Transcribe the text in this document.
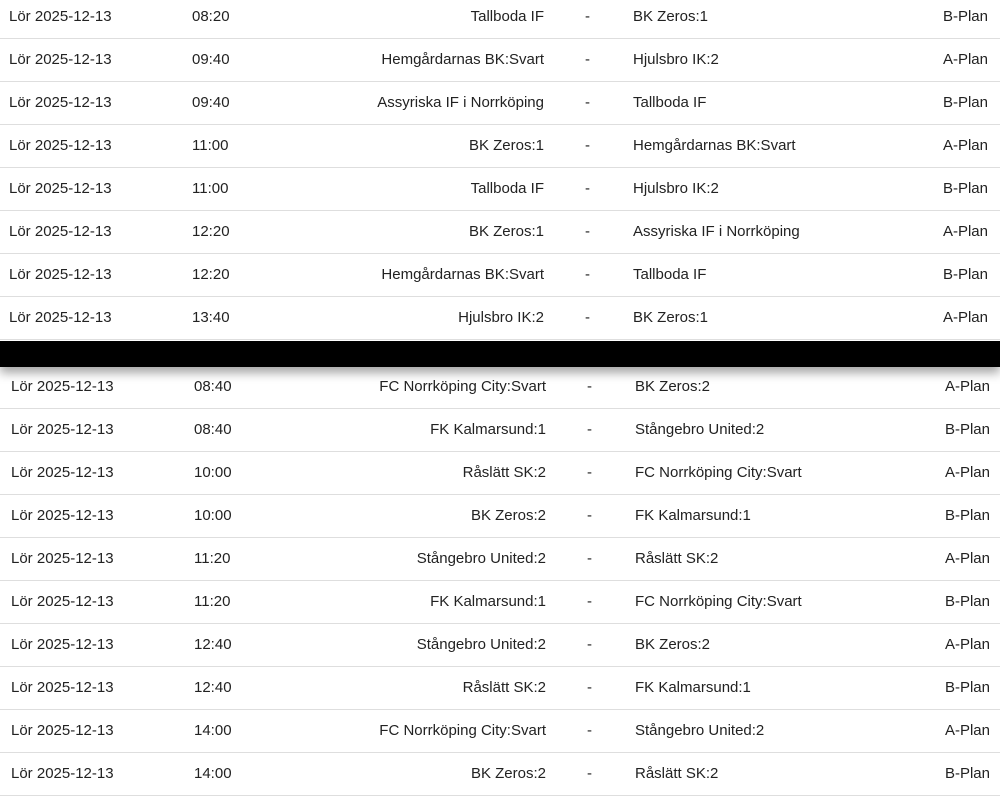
Lör 2025-12-13	08:40	FC Norrköping City:Svart	-	BK Zeros:2	A-Plan
Lör 2025-12-13	08:40	FK Kalmarsund:1	-	Stångebro United:2	B-Plan
Lör 2025-12-13	10:00	Råslätt SK:2	-	FC Norrköping City:Svart	A-Plan
Lör 2025-12-13	10:00	BK Zeros:2	-	FK Kalmarsund:1	B-Plan
Lör 2025-12-13	11:20	Stångebro United:2	-	Råslätt SK:2	A-Plan
Lör 2025-12-13	11:20	FK Kalmarsund:1	-	FC Norrköping City:Svart	B-Plan
Lör 2025-12-13	12:40	Stångebro United:2	-	BK Zeros:2	A-Plan
Lör 2025-12-13	12:40	Råslätt SK:2	-	FK Kalmarsund:1	B-Plan
Lör 2025-12-13	14:00	FC Norrköping City:Svart	-	Stångebro United:2	A-Plan
Lör 2025-12-13	14:00	BK Zeros:2	-	Råslätt SK:2	B-Plan
Lör 2025-12-13	08:20	Tallboda IF	-	BK Zeros:1	B-Plan
Lör 2025-12-13	09:40	Hemgårdarnas BK:Svart	-	Hjulsbro IK:2	A-Plan
Lör 2025-12-13	09:40	Assyriska IF i Norrköping	-	Tallboda IF	B-Plan
Lör 2025-12-13	11:00	BK Zeros:1	-	Hemgårdarnas BK:Svart	A-Plan
Lör 2025-12-13	11:00	Tallboda IF	-	Hjulsbro IK:2	B-Plan
Lör 2025-12-13	12:20	BK Zeros:1	-	Assyriska IF i Norrköping	A-Plan
Lör 2025-12-13	12:20	Hemgårdarnas BK:Svart	-	Tallboda IF	B-Plan
Lör 2025-12-13	13:40	Hjulsbro IK:2	-	BK Zeros:1	A-Plan
